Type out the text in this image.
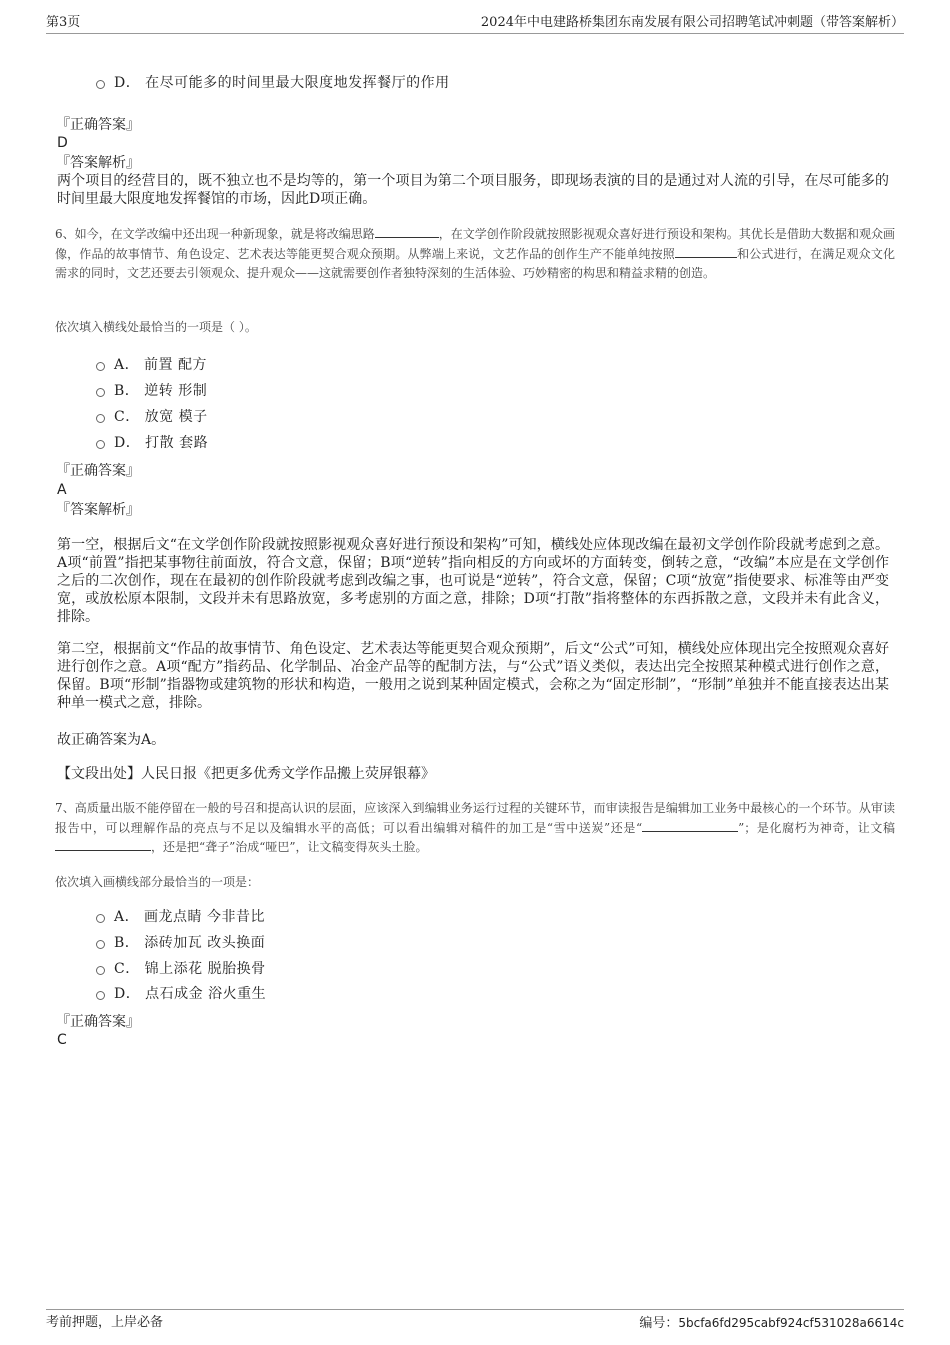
第3页	2024年中电建路桥集团东南发展有限公司招聘笔试冲刺题（带答案解析）
D． 在尽可能多的时间里最大限度地发挥餐厅的作用
『正确答案』
D
『答案解析』
两个项目的经营目的，既不独立也不是均等的，第一个项目为第二个项目服务，即现场表演的目的是通过对人流的引导，在尽可能多的时间里最大限度地发挥餐馆的市场，因此D项正确。
6、如今，在文学改编中还出现一种新现象，就是将改编思路	，在文学创作阶段就按照影视观众喜好进行预设和架构。其优长是借助大数据和观众画像，作品的故事情节、角色设定、艺术表达等能更契合观众预期。从弊端上来说，文艺作品的创作生产不能单纯按照	和公式进行，在满足观众文化需求的同时，文艺还要去引领观众、提升观众——这就需要创作者独特深刻的生活体验、巧妙精密的构思和精益求精的创造。
依次填入横线处最恰当的一项是（ ）。
A． 前置 配方
B． 逆转 形制
C． 放宽 模子
D． 打散 套路
『正确答案』
A
『答案解析』
第一空，根据后文“在文学创作阶段就按照影视观众喜好进行预设和架构”可知，横线处应体现改编在最初文学创作阶段就考虑到之意。A项“前置”指把某事物往前面放，符合文意，保留；B项“逆转”指向相反的方向或坏的方面转变，倒转之意，“改编”本应是在文学创作之后的二次创作，现在在最初的创作阶段就考虑到改编之事，也可说是“逆转”，符合文意，保留；C项“放宽”指使要求、标准等由严变宽，或放松原本限制，文段并未有思路放宽，多考虑别的方面之意，排除；D项“打散”指将整体的东西拆散之意，文段并未有此含义，排除。
第二空，根据前文“作品的故事情节、角色设定、艺术表达等能更契合观众预期”，后文“公式”可知，横线处应体现出完全按照观众喜好进行创作之意。A项“配方”指药品、化学制品、冶金产品等的配制方法，与“公式”语义类似，表达出完全按照某种模式进行创作之意，保留。B项“形制”指器物或建筑物的形状和构造，一般用之说到某种固定模式，会称之为“固定形制”，“形制”单独并不能直接表达出某种单一模式之意，排除。
故正确答案为A。
【文段出处】人民日报《把更多优秀文学作品搬上荧屏银幕》
7、高质量出版不能停留在一般的号召和提高认识的层面，应该深入到编辑业务运行过程的关键环节，而审读报告是编辑加工业务中最核心的一个环节。从审读报告中，可以理解作品的亮点与不足以及编辑水平的高低；可以看出编辑对稿件的加工是“雪中送炭”还是“	”；是化腐朽为神奇，让文稿，还是把“聋子”治成“哑巴”，让文稿变得灰头土脸。
依次填入画横线部分最恰当的一项是：
A． 画龙点睛 今非昔比
B． 添砖加瓦 改头换面
C． 锦上添花 脱胎换骨
D． 点石成金 浴火重生
『正确答案』
C
考前押题，上岸必备	编号：5bcfa6fd295cabf924cf531028a6614c
